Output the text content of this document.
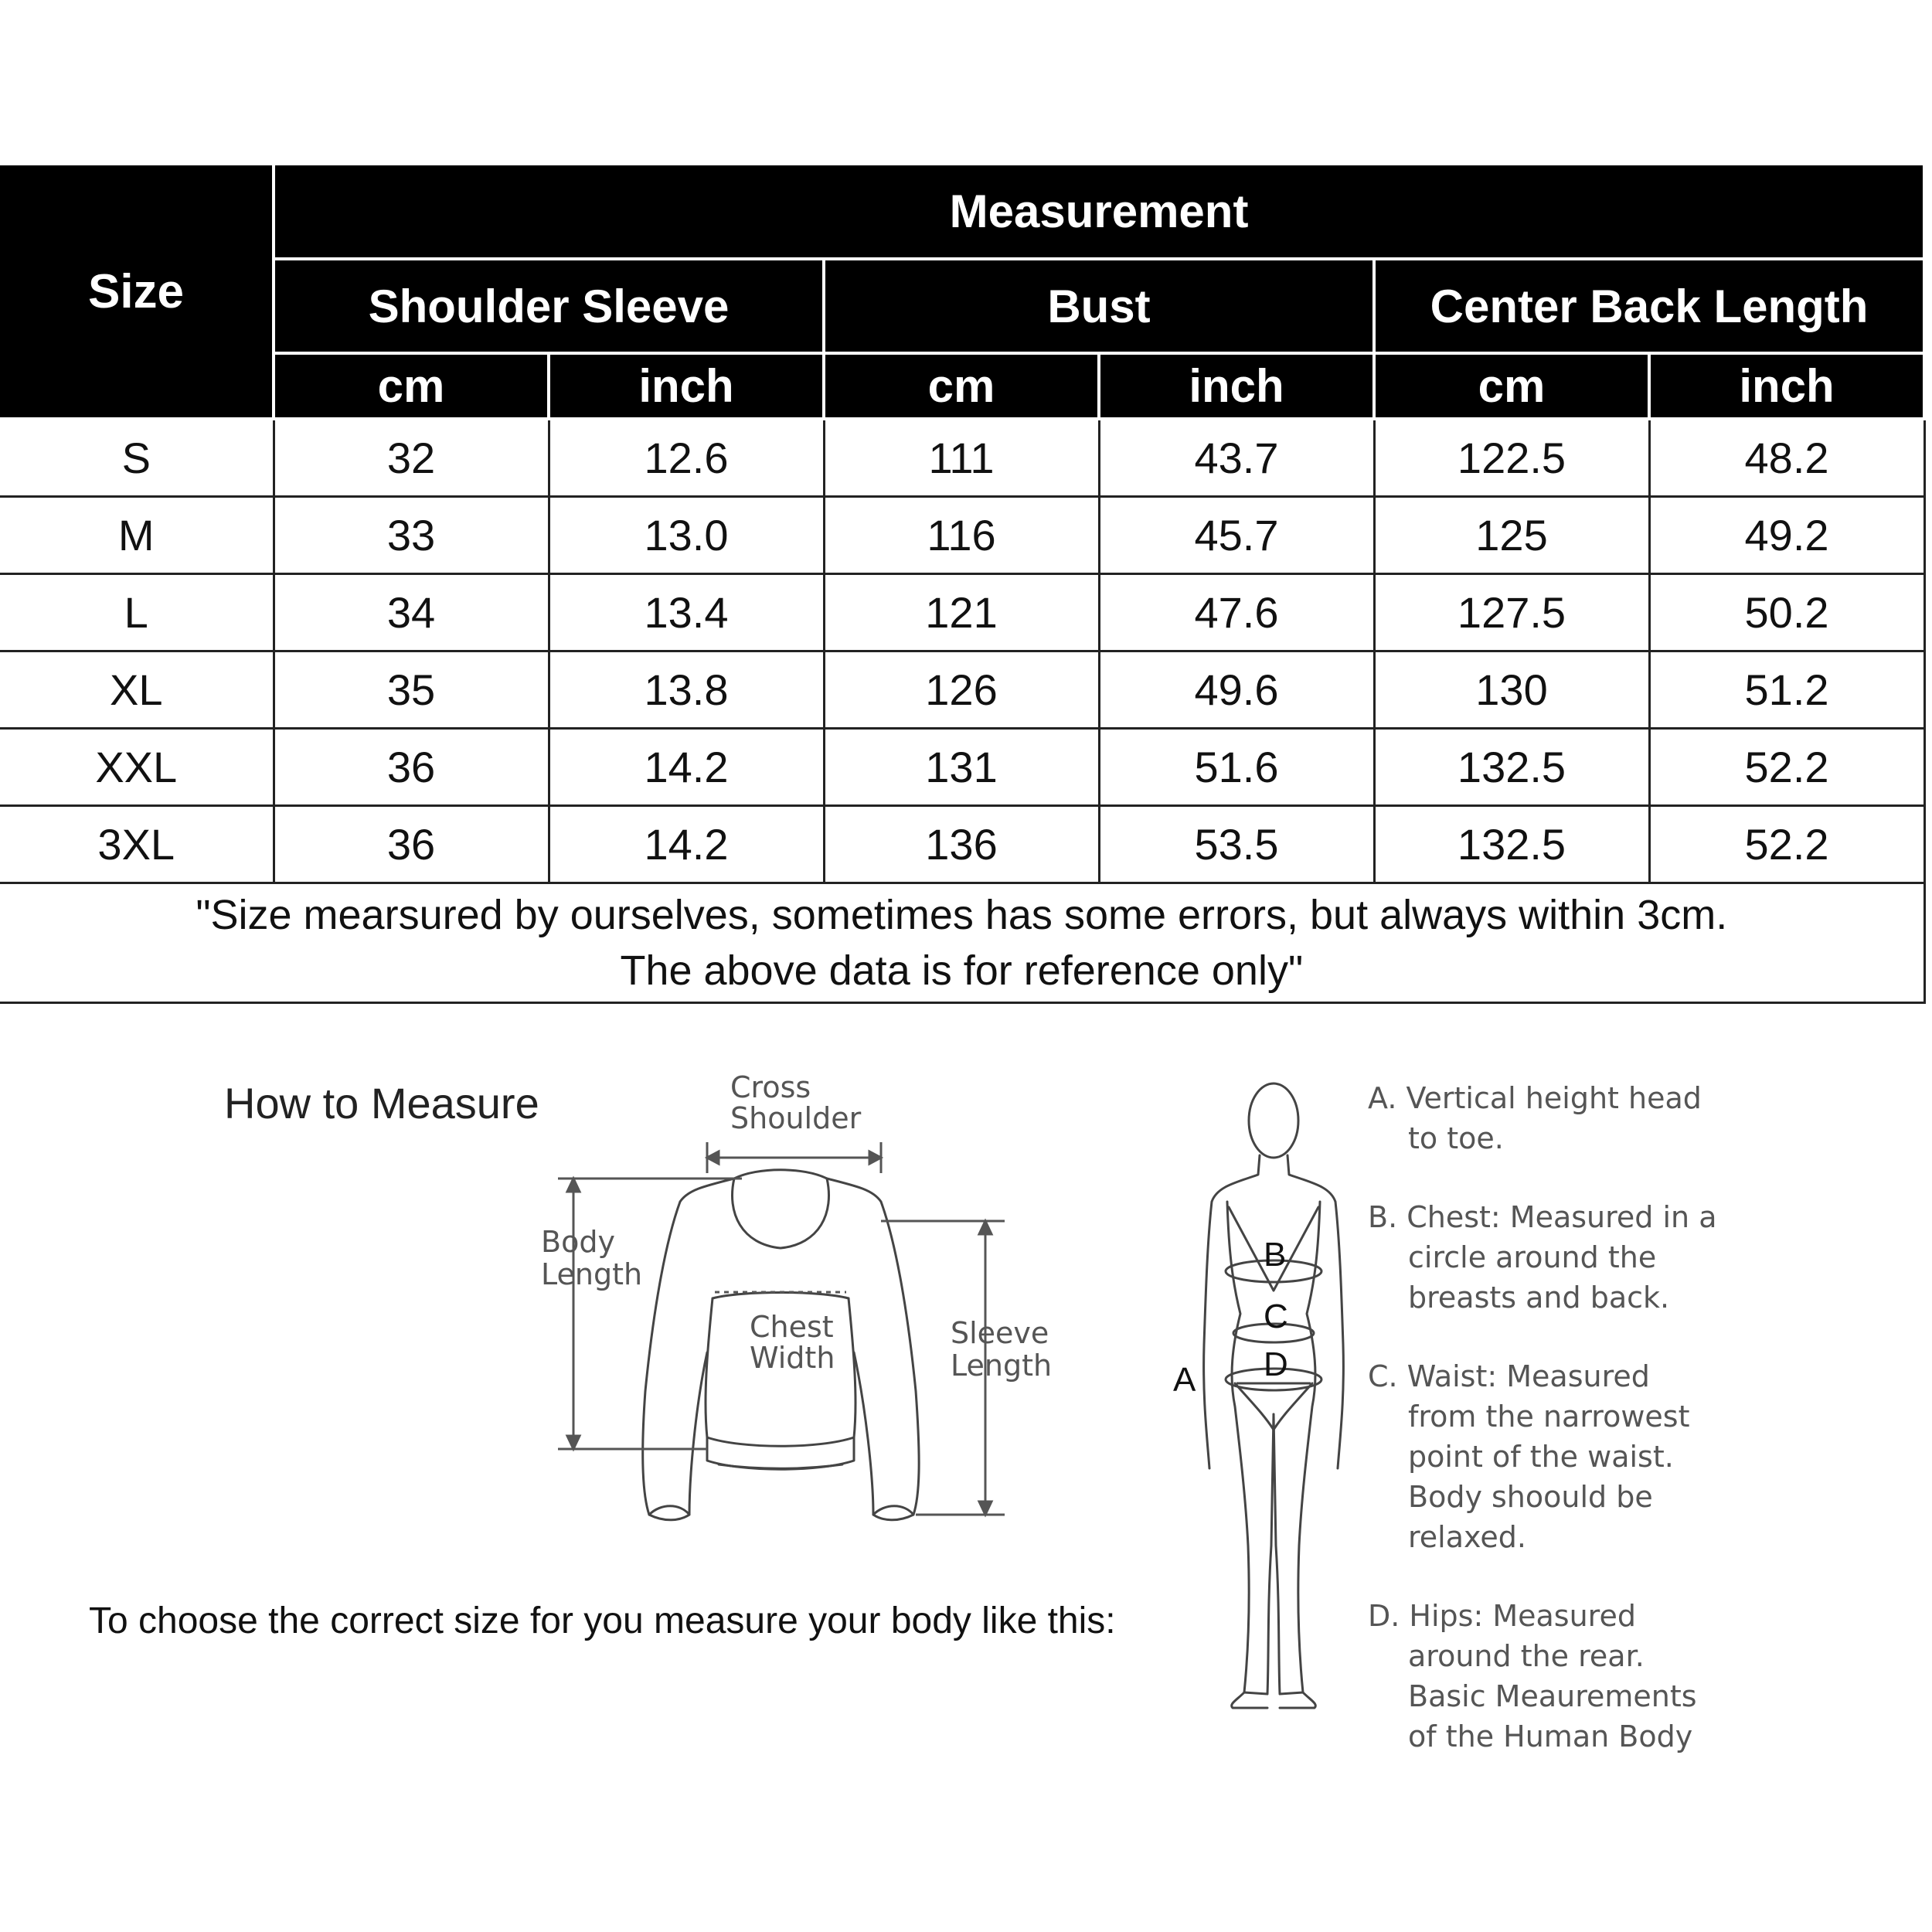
Size	Measurement					
	Shoulder Sleeve		Bust		Center Back Length	
	cm	inch	cm	inch	cm	inch
S	32	12.6	111	43.7	122.5	48.2
M	33	13.0	116	45.7	125	49.2
L	34	13.4	121	47.6	127.5	50.2
XL	35	13.8	126	49.6	130	51.2
XXL	36	14.2	131	51.6	132.5	52.2
3XL	36	14.2	136	53.5	132.5	52.2

"Size mearsured by ourselves, sometimes has some errors, but always within 3cm.
The above data is for reference only"						
How to Measure	Cross
Shoulder
Body
Length
Chest
Width
Sleeve
Length
To choose the correct size for you measure your body like this:
B
C
D
A
A. Vertical height head
to toe.
B. Chest: Measured in a
circle around the
breasts and back.
C. Waist: Measured
from the narrowest
point of the waist.
Body shoould be
relaxed.
D. Hips: Measured
around the rear.
Basic Meaurements
of the Human Body
